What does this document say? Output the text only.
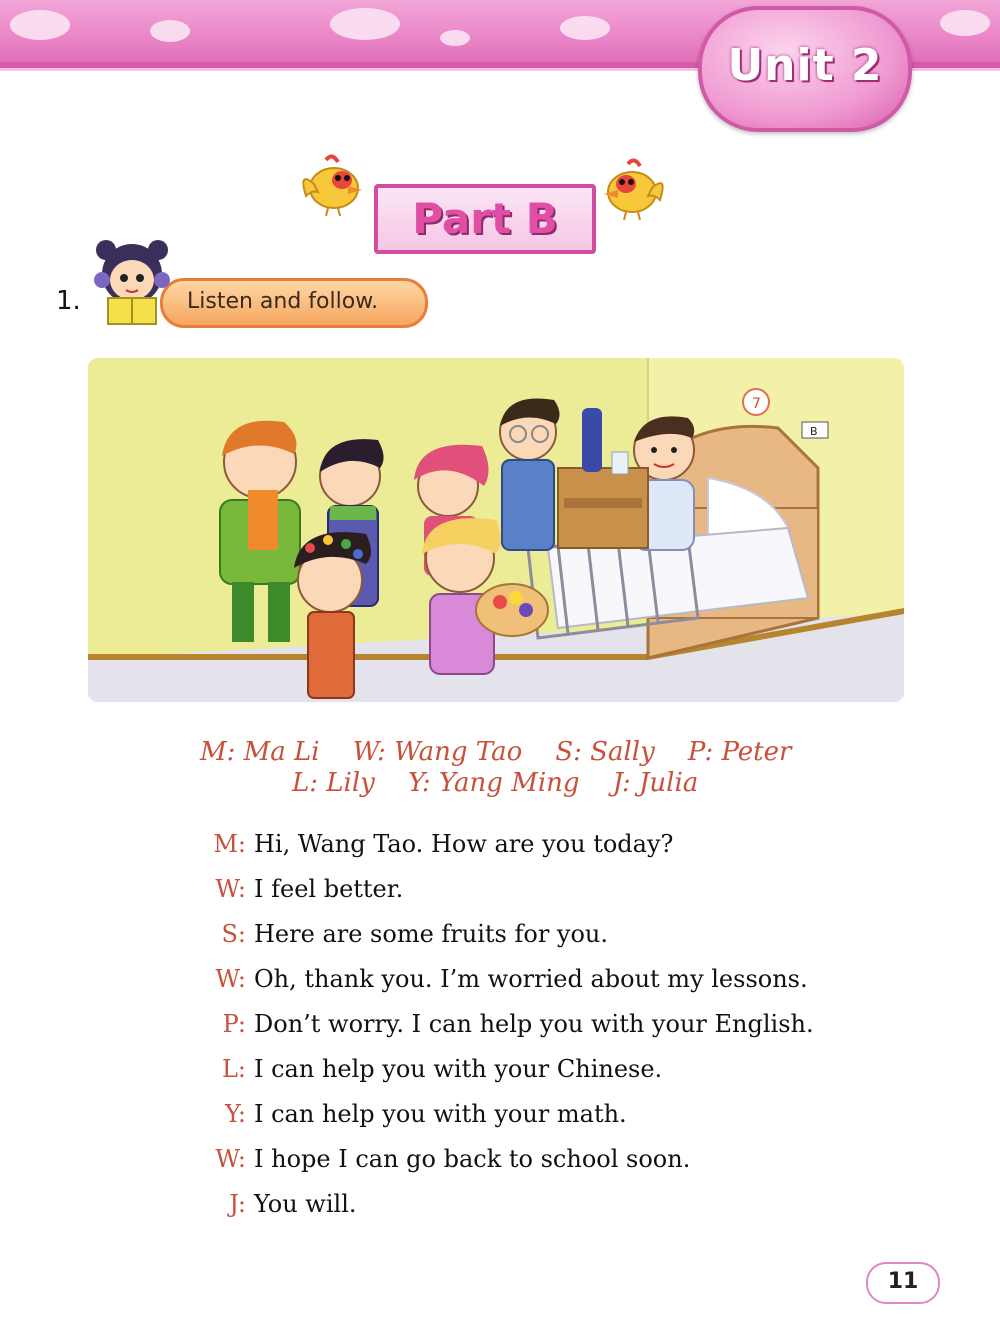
Unit 2
Part B
1.	Listen and follow.
7
B
M: Ma Li W: Wang Tao S: Sally P: Peter
L: Lily Y: Yang Ming J: Julia
M: Hi, Wang Tao. How are you today?
W: I feel better.
S: Here are some fruits for you.
W: Oh, thank you. I’m worried about my lessons.
P: Don’t worry. I can help you with your English.
L: I can help you with your Chinese.
Y: I can help you with your math.
W: I hope I can go back to school soon.
J: You will.
11
